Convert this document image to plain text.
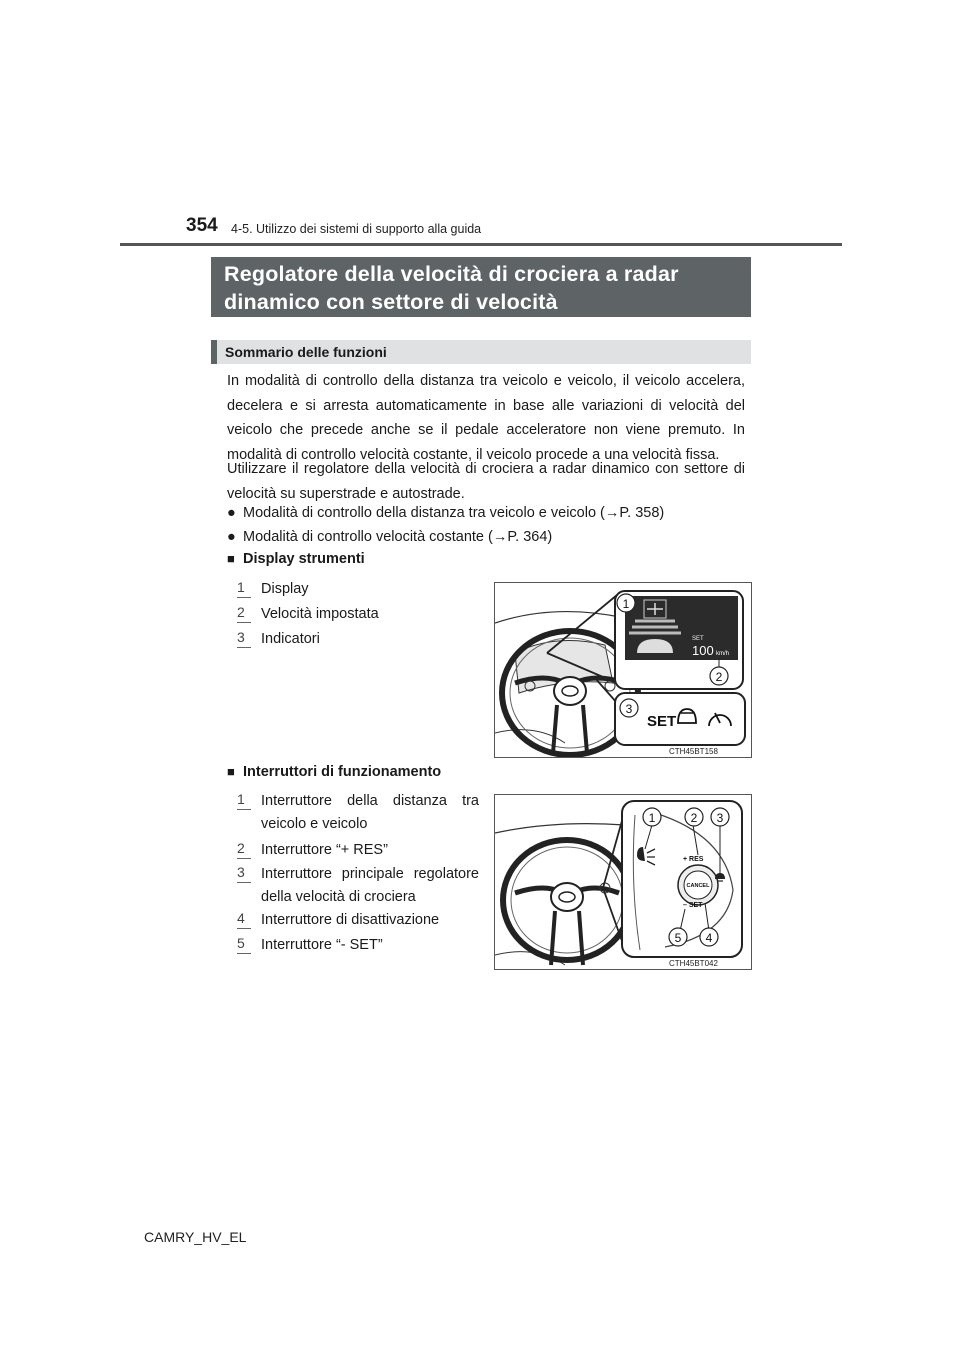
354 4-5. Utilizzo dei sistemi di supporto alla guida
Regolatore della velocità di crociera a radar dinamico con settore di velocità
Sommario delle funzioni

In modalità di controllo della distanza tra veicolo e veicolo, il veicolo accelera, decelera e si arresta automaticamente in base alle variazioni di velocità del veicolo che precede anche se il pedale acceleratore non viene premuto. In modalità di controllo velocità costante, il veicolo procede a una velocità fissa.

Utilizzare il regolatore della velocità di crociera a radar dinamico con settore di velocità su superstrade e autostrade.

● Modalità di controllo della distanza tra veicolo e veicolo (→P. 358)
● Modalità di controllo velocità costante (→P. 364)
■ Display strumenti
1	Display
2	Velocità impostata
3	Indicatori	SET
100 km/h
SET
1
2
3
CTH45BT158
■ Interruttori di funzionamento
1	Interruttore della distanza tra veicolo e veicolo
2	Interruttore “+ RES”
3	Interruttore principale regolatore della velocità di crociera
4	Interruttore di disattivazione
5	Interruttore “- SET”
+ RES
CANCEL
– SET
1	2 3
4
5
CTH45BT042
CAMRY_HV_EL
